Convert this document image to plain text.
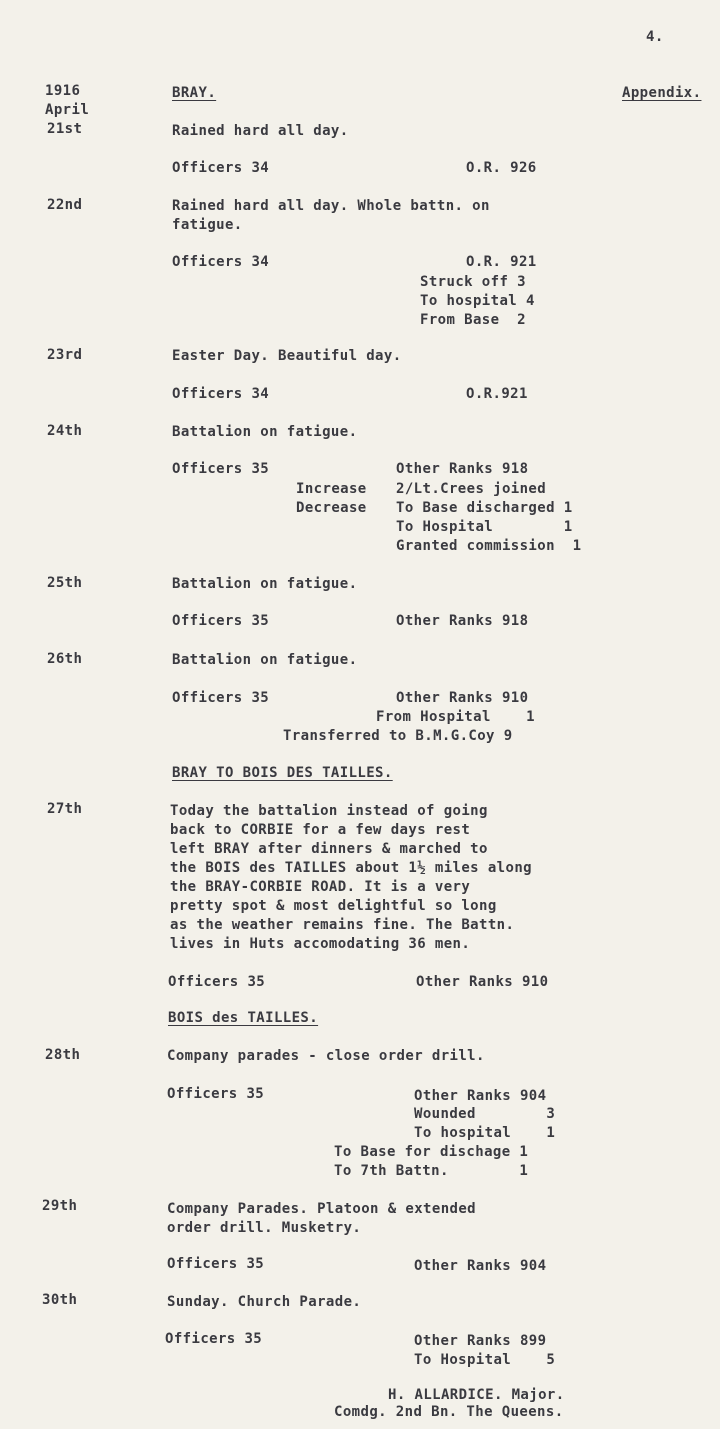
4.
1916
April
BRAY.	Appendix.
21st	Rained hard all day.
Officers 34	O.R. 926
22nd	Rained hard all day. Whole battn. on
fatigue.
Officers 34	O.R. 921
Struck off 3
To hospital 4
From Base  2
23rd	Easter Day. Beautiful day.
Officers 34	O.R.921
24th	Battalion on fatigue.
Officers 35	Other Ranks 918
Increase 2/Lt.Crees joined
Decrease To Base discharged 1
To Hospital        1
Granted commission  1
25th	Battalion on fatigue.
Officers 35	Other Ranks 918
26th	Battalion on fatigue.
Officers 35	Other Ranks 910
From Hospital    1
Transferred to B.M.G.Coy 9
BRAY TO BOIS DES TAILLES.
27th	Today the battalion instead of going
back to CORBIE for a few days rest
left BRAY after dinners & marched to
the BOIS des TAILLES about 1½ miles along
the BRAY-CORBIE ROAD. It is a very
pretty spot & most delightful so long
as the weather remains fine. The Battn.
lives in Huts accomodating 36 men.
Officers 35	Other Ranks 910
BOIS des TAILLES.
28th	Company parades - close order drill.
Officers 35	Other Ranks 904
Wounded        3
To hospital    1
To Base for dischage 1
To 7th Battn.        1
29th	Company Parades. Platoon & extended
order drill. Musketry.
Officers 35	Other Ranks 904
30th	Sunday. Church Parade.
Officers 35	Other Ranks 899
To Hospital    5
H. ALLARDICE. Major.
Comdg. 2nd Bn. The Queens.
